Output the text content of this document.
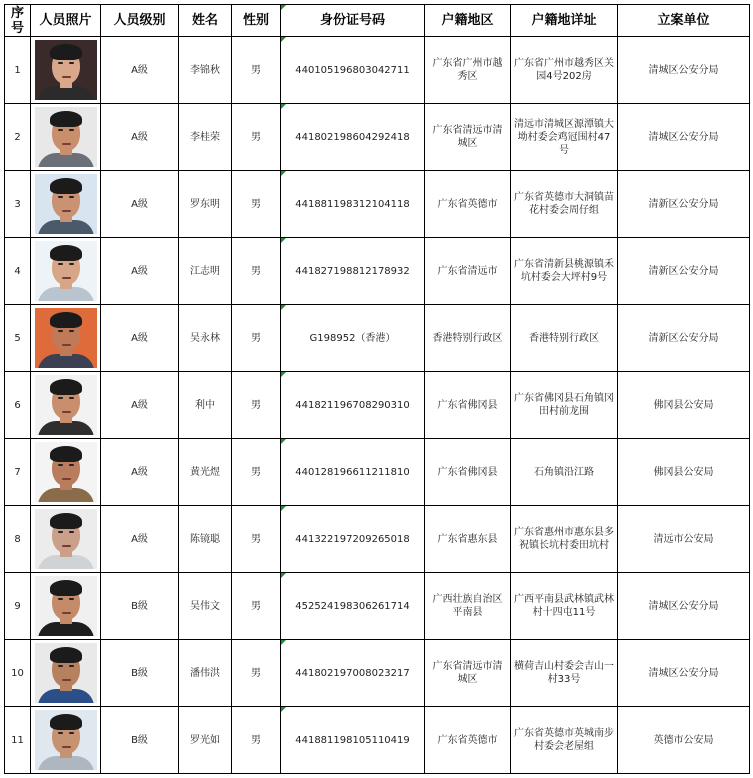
序
号	人员照片	人员级别	姓名	性别	身份证号码	户籍地区	户籍地详址	立案单位
1		A级	李锦秋	男	440105196803042711	广东省广州市越秀区	广东省广州市越秀区关园4号202房	清城区公安分局
2		A级	李桂荣	男	441802198604292418	广东省清远市清城区	清远市清城区源潭镇大坳村委会鸡冠围村47号	清城区公安分局
3		A级	罗东明	男	441881198312104118	广东省英德市	广东省英德市大洞镇苗花村委会周仔组	清新区公安分局
4		A级	江志明	男	441827198812178932	广东省清远市	广东省清新县桃源镇禾坑村委会大坪村9号	清新区公安分局
5		A级	吴永林	男	G198952（香港）	香港特别行政区	香港特别行政区	清新区公安分局
6		A级	利中	男	441821196708290310	广东省佛冈县	广东省佛冈县石角镇冈田村前龙围	佛冈县公安局
7		A级	黄光煜	男	440128196611211810	广东省佛冈县	石角镇沿江路	佛冈县公安局
8		A级	陈镜聪	男	441322197209265018	广东省惠东县	广东省惠州市惠东县多祝镇长坑村委田坑村	清远市公安局
9		B级	吴伟文	男	452524198306261714	广西壮族自治区平南县	广西平南县武林镇武林村十四屯11号	清城区公安分局
10		B级	潘伟洪	男	441802197008023217	广东省清远市清城区	横荷吉山村委会吉山一村33号	清城区公安分局
11		B级	罗光如	男	441881198105110419	广东省英德市	广东省英德市英城南步村委会老屋组	英德市公安局
